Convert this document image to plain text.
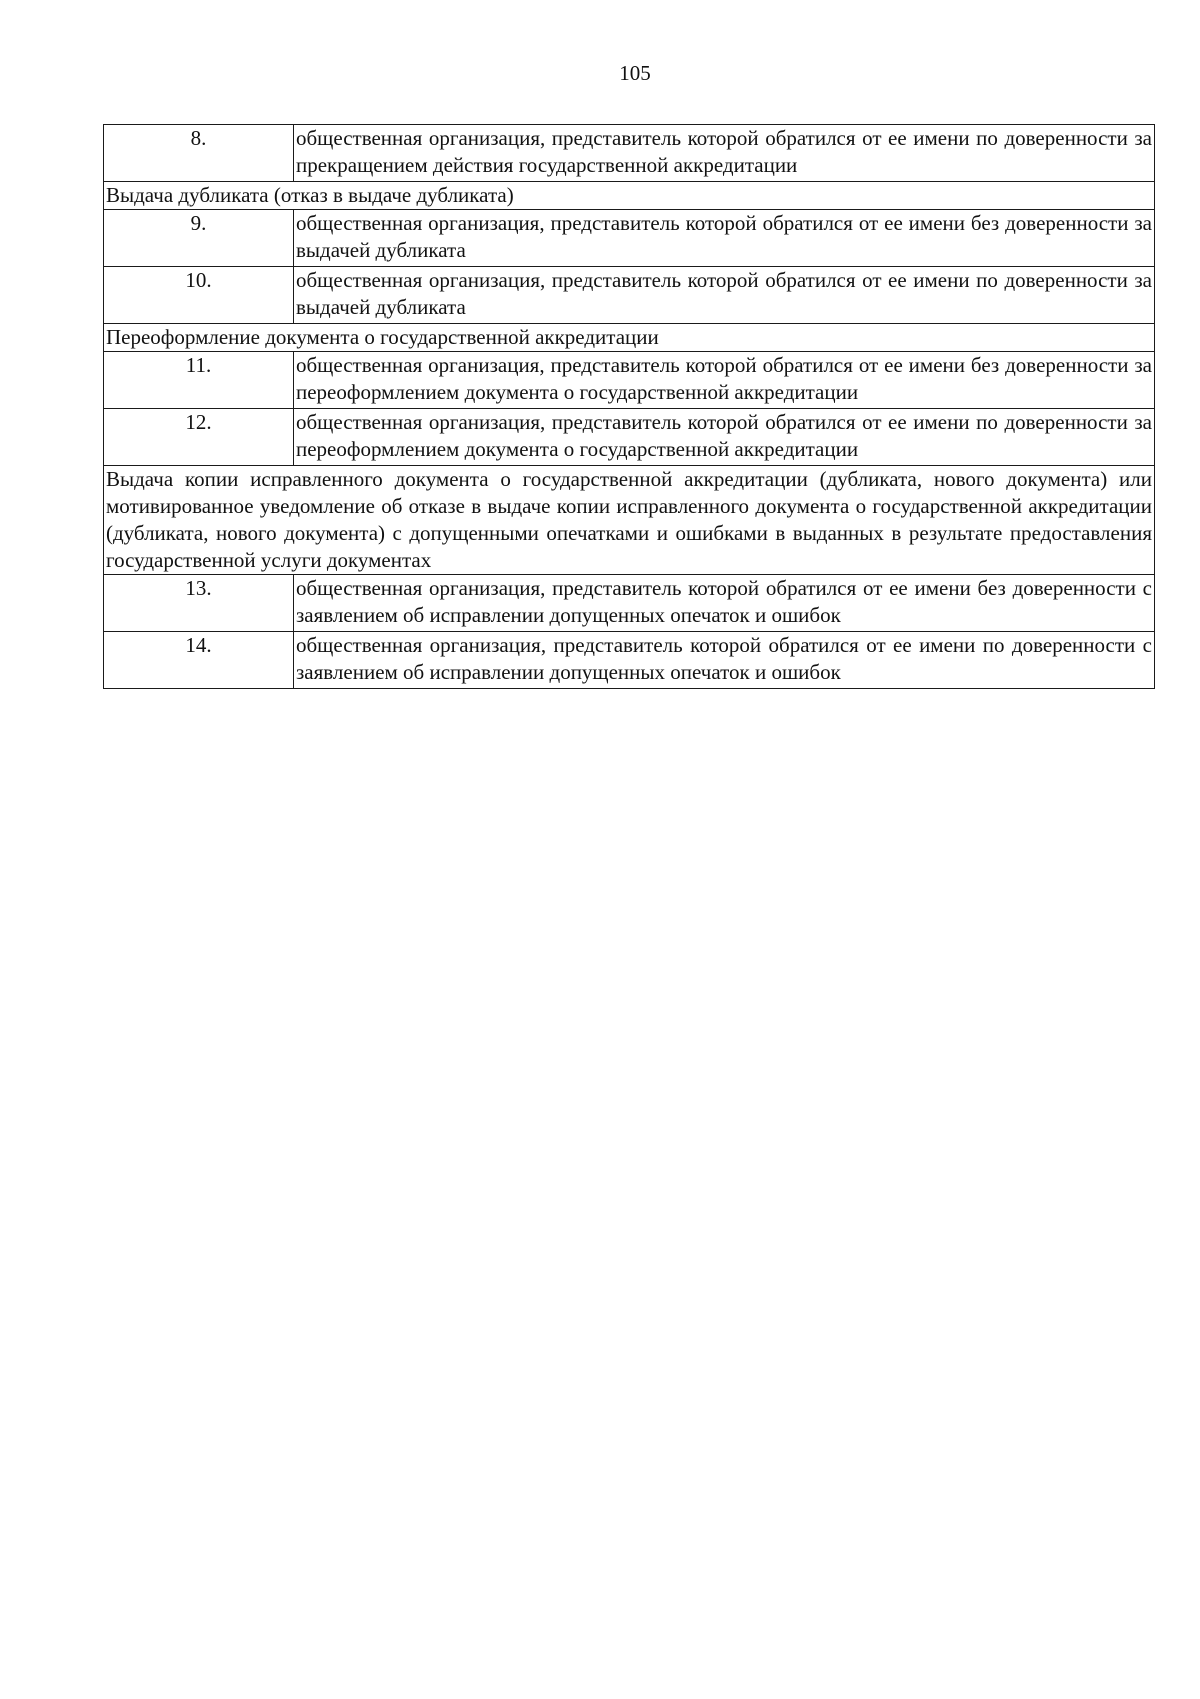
105
8.	общественная организация, представитель которой обратился от ее имени по доверенности за прекращением действия государственной аккредитации
Выдача дубликата (отказ в выдаче дубликата)	
9.	общественная организация, представитель которой обратился от ее имени без доверенности за выдачей дубликата
10.	общественная организация, представитель которой обратился от ее имени по доверенности за выдачей дубликата
Переоформление документа о государственной аккредитации	
11.	общественная организация, представитель которой обратился от ее имени без доверенности за переоформлением документа о государственной аккредитации
12.	общественная организация, представитель которой обратился от ее имени по доверенности за переоформлением документа о государственной аккредитации
Выдача копии исправленного документа о государственной аккредитации (дубликата, нового документа) или мотивированное уведомление об отказе в выдаче копии исправленного документа о государственной аккредитации (дубликата, нового документа) с допущенными опечатками и ошибками в выданных в результате предоставления государственной услуги документах	
13.	общественная организация, представитель которой обратился от ее имени без доверенности с заявлением об исправлении допущенных опечаток и ошибок
14.	общественная организация, представитель которой обратился от ее имени по доверенности с заявлением об исправлении допущенных опечаток и ошибок
